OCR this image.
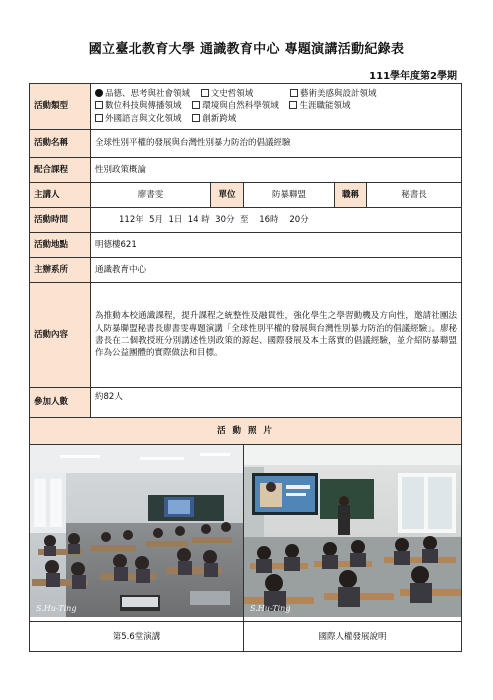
國立臺北教育大學 通識教育中心 專題演講活動紀錄表
111學年度第2學期
活動類型	品德、思考與社會領域 文史哲領域 藝術美感與設計領域
數位科技與傳播領域 環境與自然科學領域 生涯職能領域
外國語言與文化領域 創新跨域				

活動名稱	全球性別平權的發展與台灣性別暴力防治的倡議經驗				
配合課程	性別政策概論				
主講人	廖書雯	單位	防暴聯盟	職稱	秘書長
活動時間	112年  5月  1日  14 時  30分  至    16時    20分				
活動地點	明德樓621				
主辦系所	通識教育中心				
活動內容	為推動本校通識課程，提升課程之統整性及融貫性，強化學生之學習動機及方向性，邀請社團法人防暴聯盟秘書長廖書雯專題演講「全球性別平權的發展與台灣性別暴力防治的倡議經驗」。廖秘書長在二個教授班分別講述性別政策的源起、國際發展及本土落實的倡議經驗，並介紹防暴聯盟作為公益團體的實際做法和目標。				
參加人數	約82人				
活 動 照 片					

S.Hu-Ting			S.Hu-Ting		

第5.6堂演講			國際人權發展說明		
